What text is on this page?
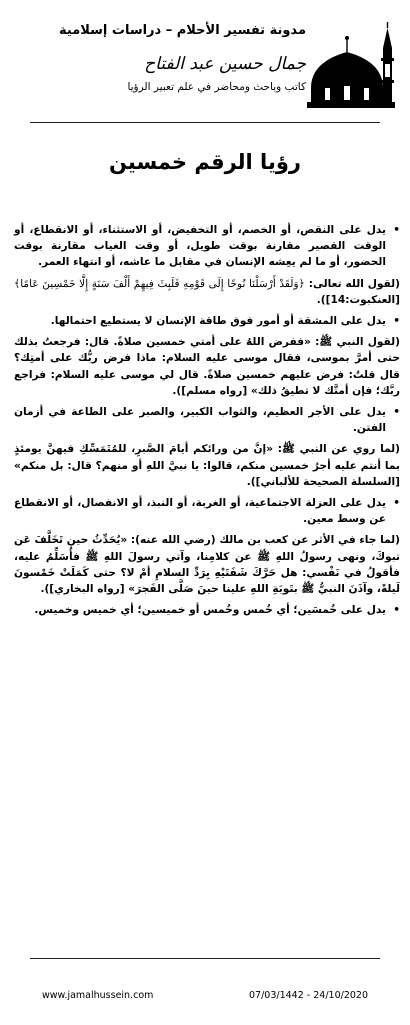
مدونة تفسير الأحلام – دراسات إسلامية
جمال حسين عبد الفتاح
كاتب وباحث ومحاضر في علم تعبير الرؤيا
رؤيا الرقم خمسين

• يدل على النقص، أو الخصم، أو التخفيض، أو الاستثناء، أو الانقطاع، أو الوقت القصير مقارنة بوقت طويل، أو وقت الغياب مقارنة بوقت الحضور، أو ما لم يعِشه الإنسان في مقابل ما عاشه، أو انتهاء العمر.

(لقول الله تعالى: ﴿وَلَقَدْ أَرْسَلْنَا نُوحًا إِلَى قَوْمِهِ فَلَبِثَ فِيهِمْ أَلْفَ سَنَةٍ إِلَّا خَمْسِينَ عَامًا﴾ [العنكبوت:14]).

• يدل على المشقة أو أمور فوق طاقة الإنسان لا يستطيع احتمالها.

(لقول النبي ﷺ: «ففرض اللهُ على أمتي خمسين صلاةً. قال: فرجعتُ بذلك حتى أمرَّ بموسى، فقال موسى عليه السلام: ماذا فرض ربُّك على أمتِك؟ قال قلتُ: فرض عليهم خمسين صلاةً. قال لي موسى عليه السلام: فراجع ربَّك؛ فإن أمتَّك لا تطيقُ ذلك» [رواه مسلم]).

• يدل على الأجر العظيم، والثواب الكبير، والصبر على الطاعة في أزمان الفتن.

(لما روي عن النبي ﷺ: «إنَّ من ورائكم أيامَ الصَّبرِ، للمُتَمَسِّكِ فيهنَّ يومئذٍ بما أنتم عليه أجرُ خمسين منكم، قالوا: يا نبيَّ اللهِ أو منهم؟ قال: بل منكم» [السلسلة الصحيحة للألباني]).

• يدل على العزلة الاجتماعية، أو الغربة، أو النبذ، أو الانفصال، أو الانقطاع عن وسط معين.

(لما جاء في الأثر عن كعب بن مالك (رضي الله عنه): «يُحَدِّثُ حين تَخَلَّفَ عَن تبوكَ، ونهى رسولُ اللهِ ﷺ عن كلامِنا، وآتي رسولَ اللهِ ﷺ فأُسَلِّمُ عليه، فأقولُ في نَفْسي: هل حَرَّكَ شَفَتَيْهِ بِرَدِّ السلامِ أمْ لا؟ حتى كَمَلَتْ خَمْسونَ لَيلةً، وآذَنَ النبيُّ ﷺ بتَوبَةِ اللهِ علينا حينَ صَلَّى الفَجرَ» [رواه البخاري]).

• يدل على خُمسَين؛ أي خُمس وخُمس أو خميسين؛ أي خميس وخميس.

www.jamalhussein.com	07/03/1442 - 24/10/2020
